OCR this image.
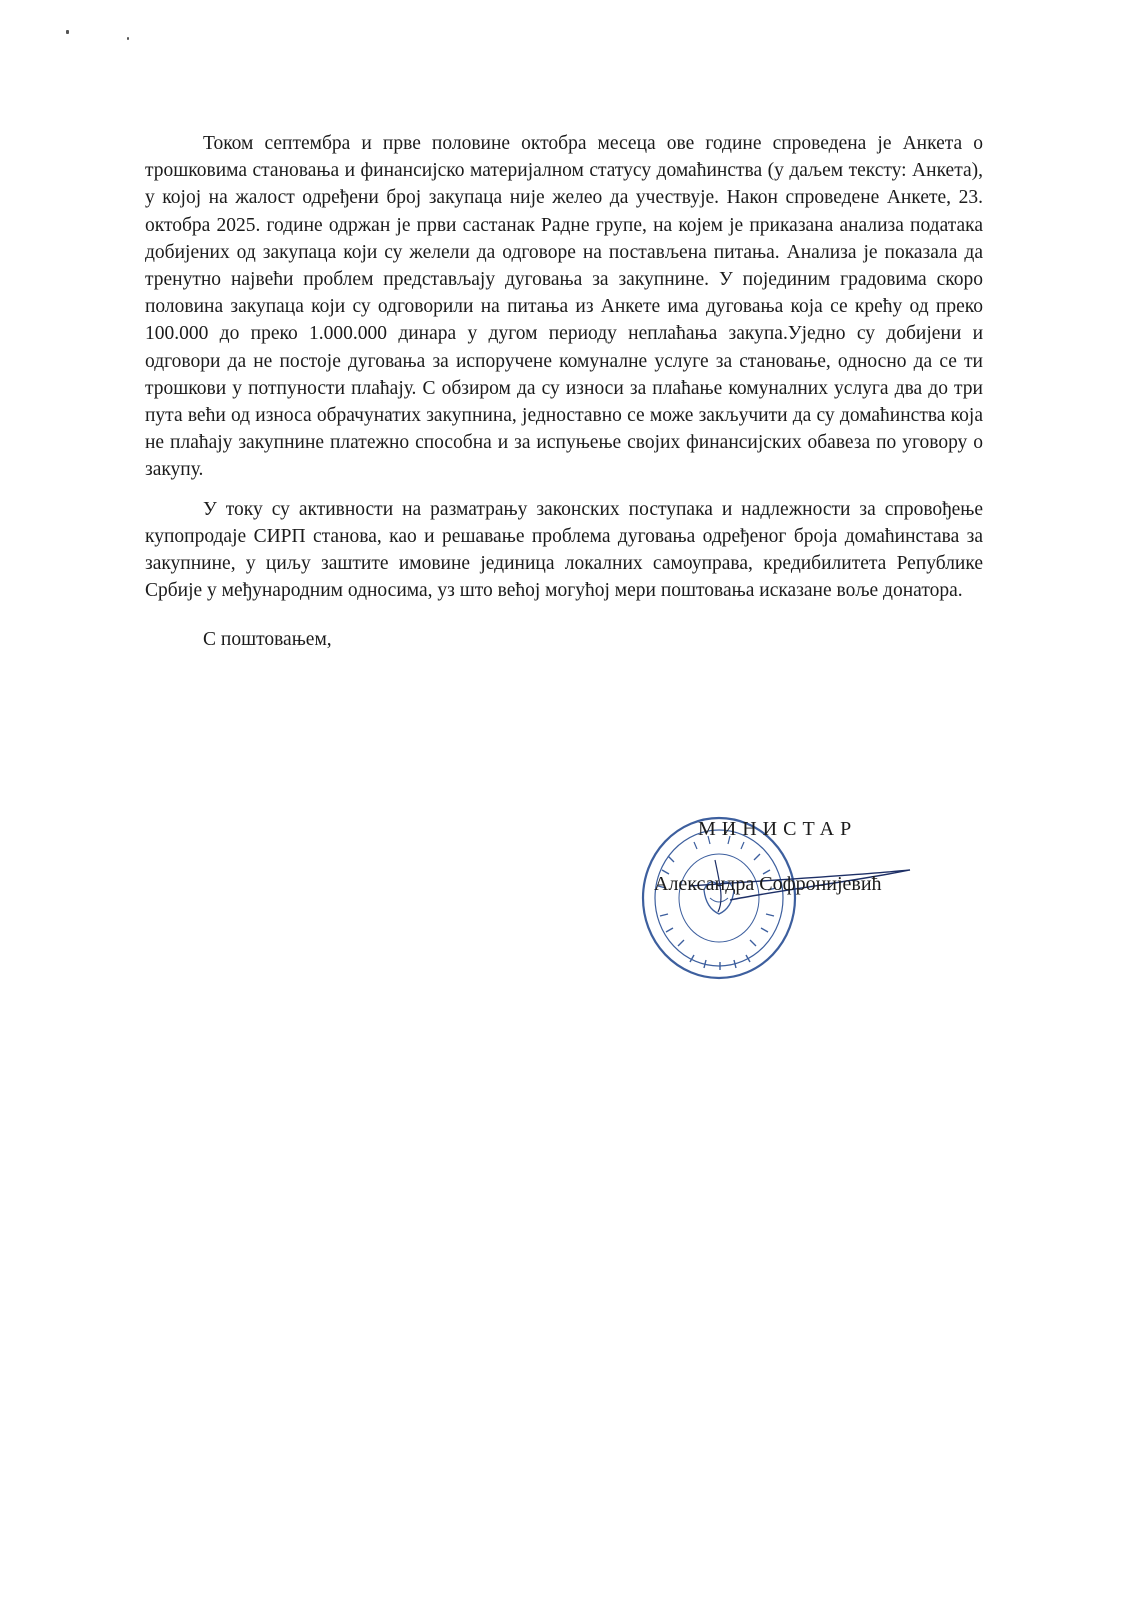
Током септембра и прве половине октобра месеца ове године спроведена је Анкета о трошковима становања и финансијско материјалном статусу домаћинства (у даљем тексту: Анкета), у којој на жалост одређени број закупаца није желео да учествује. Након спроведене Анкете, 23. октобра 2025. године одржан је први састанак Радне групе, на којем је приказана анализа података добијених од закупаца који су желели да одговоре на постављена питања. Анализа је показала да тренутно највећи проблем представљају дуговања за закупнине. У појединим градовима скоро половина закупаца који су одговорили на питања из Анкете има дуговања која се крећу од преко 100.000 до преко 1.000.000 динара у дугом периоду неплаћања закупа.Уједно су добијени и одговори да не постоје дуговања за испоручене комуналне услуге за становање, односно да се ти трошкови у потпуности плаћају. С обзиром да су износи за плаћање комуналних услуга два до три пута већи од износа обрачунатих закупнина, једноставно се може закључити да су домаћинства која не плаћају закупнине платежно способна и за испуњење својих финансијских обавеза по уговору о закупу.

У току су активности на разматрању законских поступака и надлежности за спровођење купопродаје СИРП станова, као и решавање проблема дуговања одређеног броја домаћинстава за закупнине, у циљу заштите имовине јединица локалних самоуправа, кредибилитета Републике Србије у међународним односима, уз што већој могућој мери поштовања исказане воље донатора.

С поштовањем,

МИНИСТАР
Александра Софронијевић
